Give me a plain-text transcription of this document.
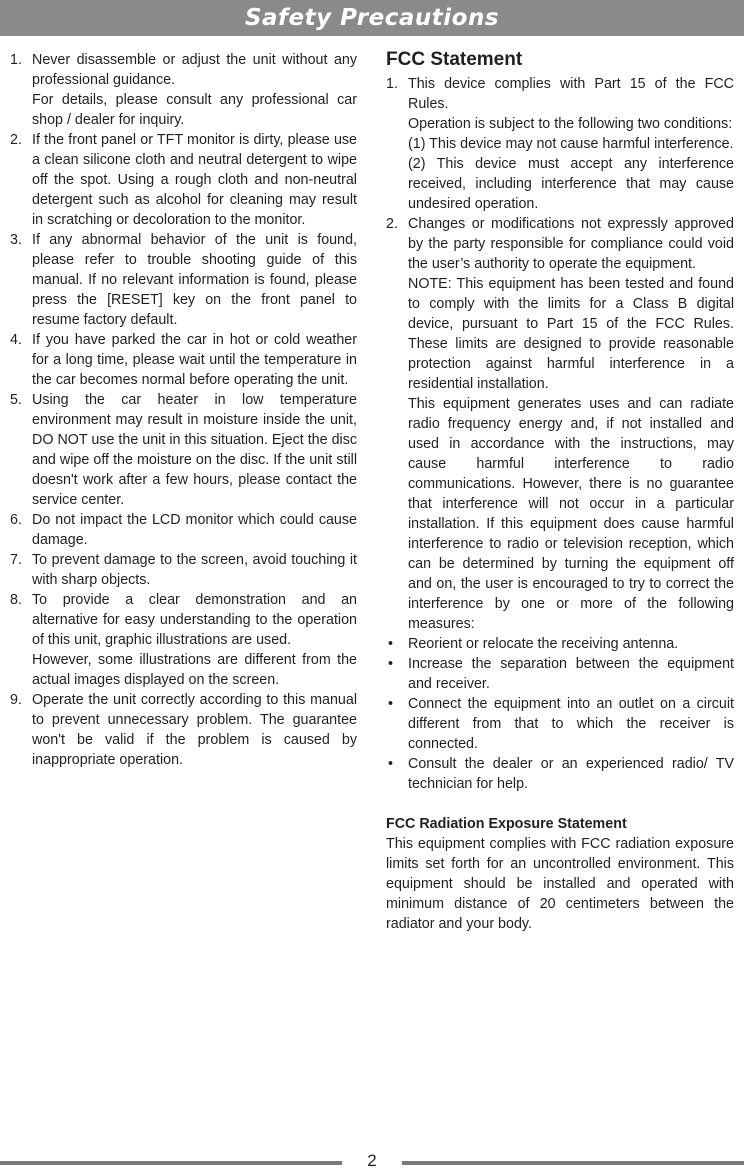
Safety Precautions
1. Never disassemble or adjust the unit without any professional guidance.

For details, please consult any professional car shop / dealer for inquiry.

2. If the front panel or TFT monitor is dirty, please use a clean silicone cloth and neutral detergent to wipe off the spot. Using a rough cloth and non-neutral detergent such as alcohol for cleaning may result in scratching or decoloration to the monitor.

3. If any abnormal behavior of the unit is found, please refer to trouble shooting guide of this manual. If no relevant information is found, please press the [RESET] key on the front panel to resume factory default.

4. If you have parked the car in hot or cold weather for a long time, please wait until the temperature in the car becomes normal before operating the unit.

5. Using the car heater in low temperature environment may result in moisture inside the unit, DO NOT use the unit in this situation. Eject the disc and wipe off the moisture on the disc. If the unit still doesn't work after a few hours, please contact the service center.

6. Do not impact the LCD monitor which could cause damage.

7. To prevent damage to the screen, avoid touching it with sharp objects.

8. To provide a clear demonstration and an alternative for easy understanding to the operation of this unit, graphic illustrations are used.

However, some illustrations are different from the actual images displayed on the screen.

9. Operate the unit correctly according to this manual to prevent unnecessary problem. The guarantee won't be valid if the problem is caused by inappropriate operation.

FCC Statement
1. This device complies with Part 15 of the FCC Rules.

Operation is subject to the following two conditions:

(1) This device may not cause harmful interference.

(2) This device must accept any interference received, including interference that may cause undesired operation.

2. Changes or modifications not expressly approved by the party responsible for compliance could void the user’s authority to operate the equipment.

NOTE: This equipment has been tested and found to comply with the limits for a Class B digital device, pursuant to Part 15 of the FCC Rules. These limits are designed to provide reasonable protection against harmful interference in a residential installation.

This equipment generates uses and can radiate radio frequency energy and, if not installed and used in accordance with the instructions, may cause harmful interference to radio communications. However, there is no guarantee that interference will not occur in a particular installation. If this equipment does cause harmful interference to radio or television reception, which can be determined by turning the equipment off and on, the user is encouraged to try to correct the interference by one or more of the following measures:

• Reorient or relocate the receiving antenna.

• Increase the separation between the equipment and receiver.

• Connect the equipment into an outlet on a circuit different from that to which the receiver is connected.

• Consult the dealer or an experienced radio/ TV technician for help.

FCC Radiation Exposure Statement

This equipment complies with FCC radiation exposure limits set forth for an uncontrolled environment. This equipment should be installed and operated with minimum distance of 20 centimeters between the radiator and your body.

2
